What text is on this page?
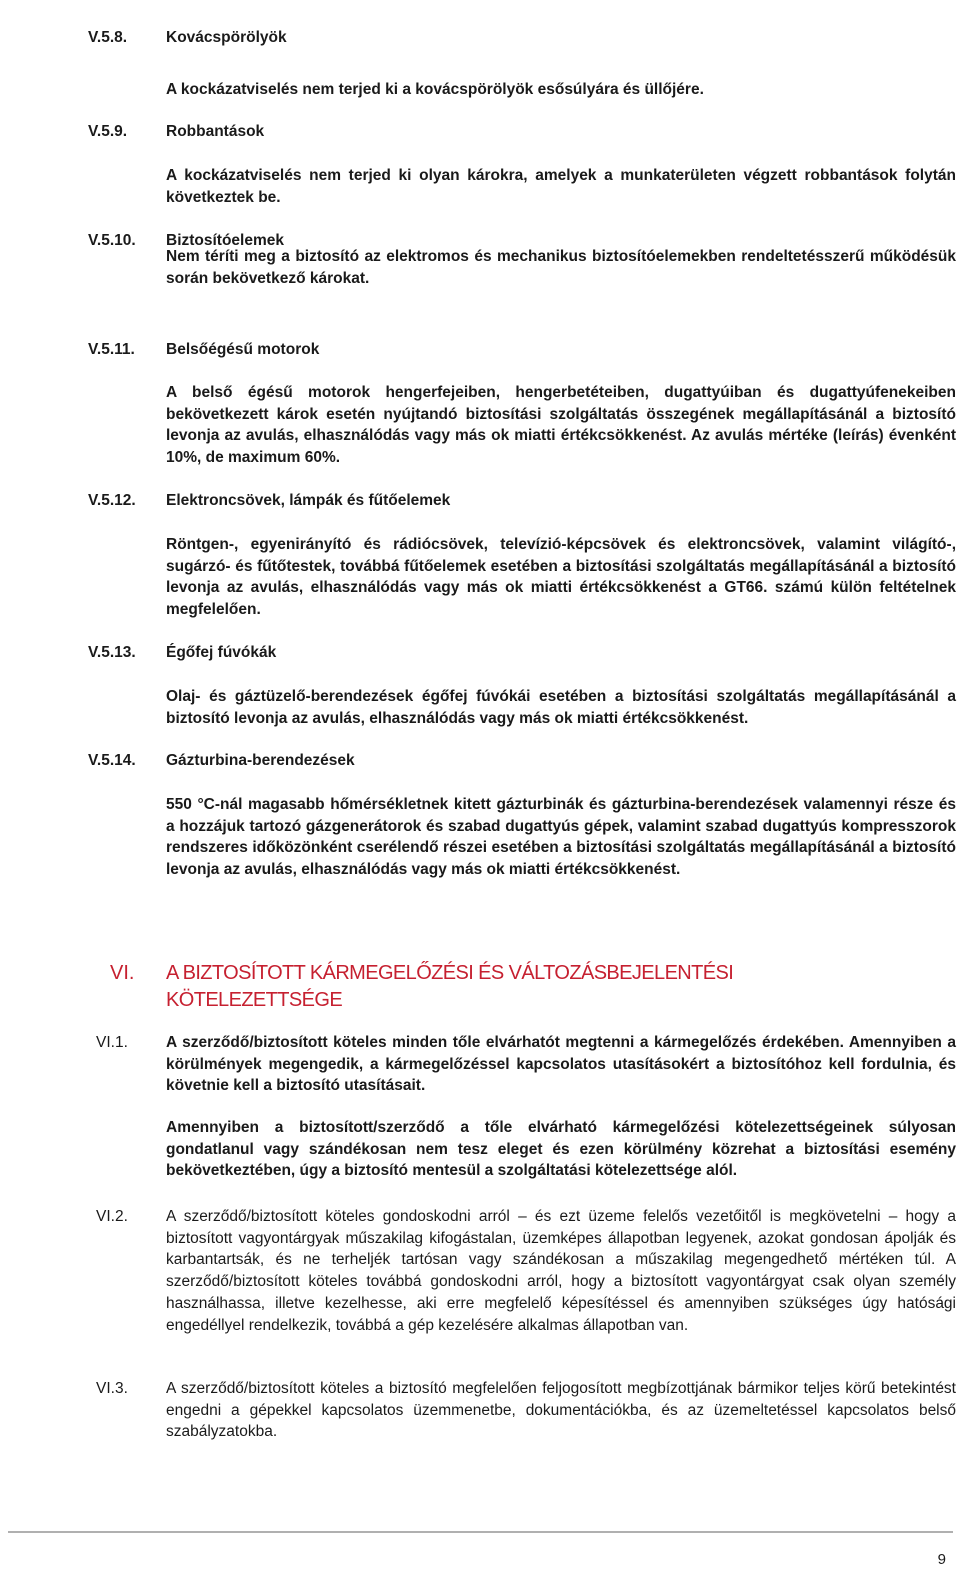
V.5.8.	Kovácspörölyök
A kockázatviselés nem terjed ki a kovácspörölyök esősúlyára és üllőjére.
V.5.9.	Robbantások
A kockázatviselés nem terjed ki olyan károkra, amelyek a munkaterületen végzett robbantások folytán következtek be.
V.5.10.	Biztosítóelemek
Nem téríti meg a biztosító az elektromos és mechanikus biztosítóelemekben rendeltetésszerű működésük során bekövetkező károkat.
V.5.11.	Belsőégésű motorok
A belső égésű motorok hengerfejeiben, hengerbetéteiben, dugattyúiban és dugattyúfenekeiben bekövetkezett károk esetén nyújtandó biztosítási szolgáltatás összegének megállapításánál a biztosító levonja az avulás, elhasználódás vagy más ok miatti értékcsökkenést. Az avulás mértéke (leírás) évenként 10%, de maximum 60%.
V.5.12.	Elektroncsövek, lámpák és fűtőelemek
Röntgen-, egyenirányító és rádiócsövek, televízió-képcsövek és elektroncsövek, valamint világító-, sugárzó- és fűtőtestek, továbbá fűtőelemek esetében a biztosítási szolgáltatás megállapításánál a biztosító levonja az avulás, elhasználódás vagy más ok miatti értékcsökkenést a GT66. számú külön feltételnek megfelelően.
V.5.13.	Égőfej fúvókák
Olaj- és gáztüzelő-berendezések égőfej fúvókái esetében a biztosítási szolgáltatás megállapításánál a biztosító levonja az avulás, elhasználódás vagy más ok miatti értékcsökkenést.
V.5.14.	Gázturbina-berendezések
550 °C-nál magasabb hőmérsékletnek kitett gázturbinák és gázturbina-berendezések valamennyi része és a hozzájuk tartozó gázgenerátorok és szabad dugattyús gépek, valamint szabad dugattyús kompresszorok rendszeres időközönként cserélendő részei esetében a biztosítási szolgáltatás megállapításánál a biztosító levonja az avulás, elhasználódás vagy más ok miatti értékcsökkenést.
VI. A BIZTOSÍTOTT KÁRMEGELŐZÉSI ÉS VÁLTOZÁSBEJELENTÉSI KÖTELEZETTSÉGE
VI.1.	A szerződő/biztosított köteles minden tőle elvárhatót megtenni a kármegelőzés érdekében. Amennyiben a körülmények megengedik, a kármegelőzéssel kapcsolatos utasításokért a biztosítóhoz kell fordulnia, és követnie kell a biztosító utasításait.
Amennyiben a biztosított/szerződő a tőle elvárható kármegelőzési kötelezettségeinek súlyosan gondatlanul vagy szándékosan nem tesz eleget és ezen körülmény közrehat a biztosítási esemény bekövetkeztében, úgy a biztosító mentesül a szolgáltatási kötelezettsége alól.
VI.2.	A szerződő/biztosított köteles gondoskodni arról – és ezt üzeme felelős vezetőitől is megkövetelni – hogy a biztosított vagyontárgyak műszakilag kifogástalan, üzemképes állapotban legyenek, azokat gondosan ápolják és karbantartsák, és ne terheljék tartósan vagy szándékosan a műszakilag megengedhető mértéken túl. A szerződő/biztosított köteles továbbá gondoskodni arról, hogy a biztosított vagyontárgyat csak olyan személy használhassa, illetve kezelhesse, aki erre megfelelő képesítéssel és amennyiben szükséges úgy hatósági engedéllyel rendelkezik, továbbá a gép kezelésére alkalmas állapotban van.
VI.3.	A szerződő/biztosított köteles a biztosító megfelelően feljogosított megbízottjának bármikor teljes körű betekintést engedni a gépekkel kapcsolatos üzemmenetbe, dokumentációkba, és az üzemeltetéssel kapcsolatos belső szabályzatokba.
9
